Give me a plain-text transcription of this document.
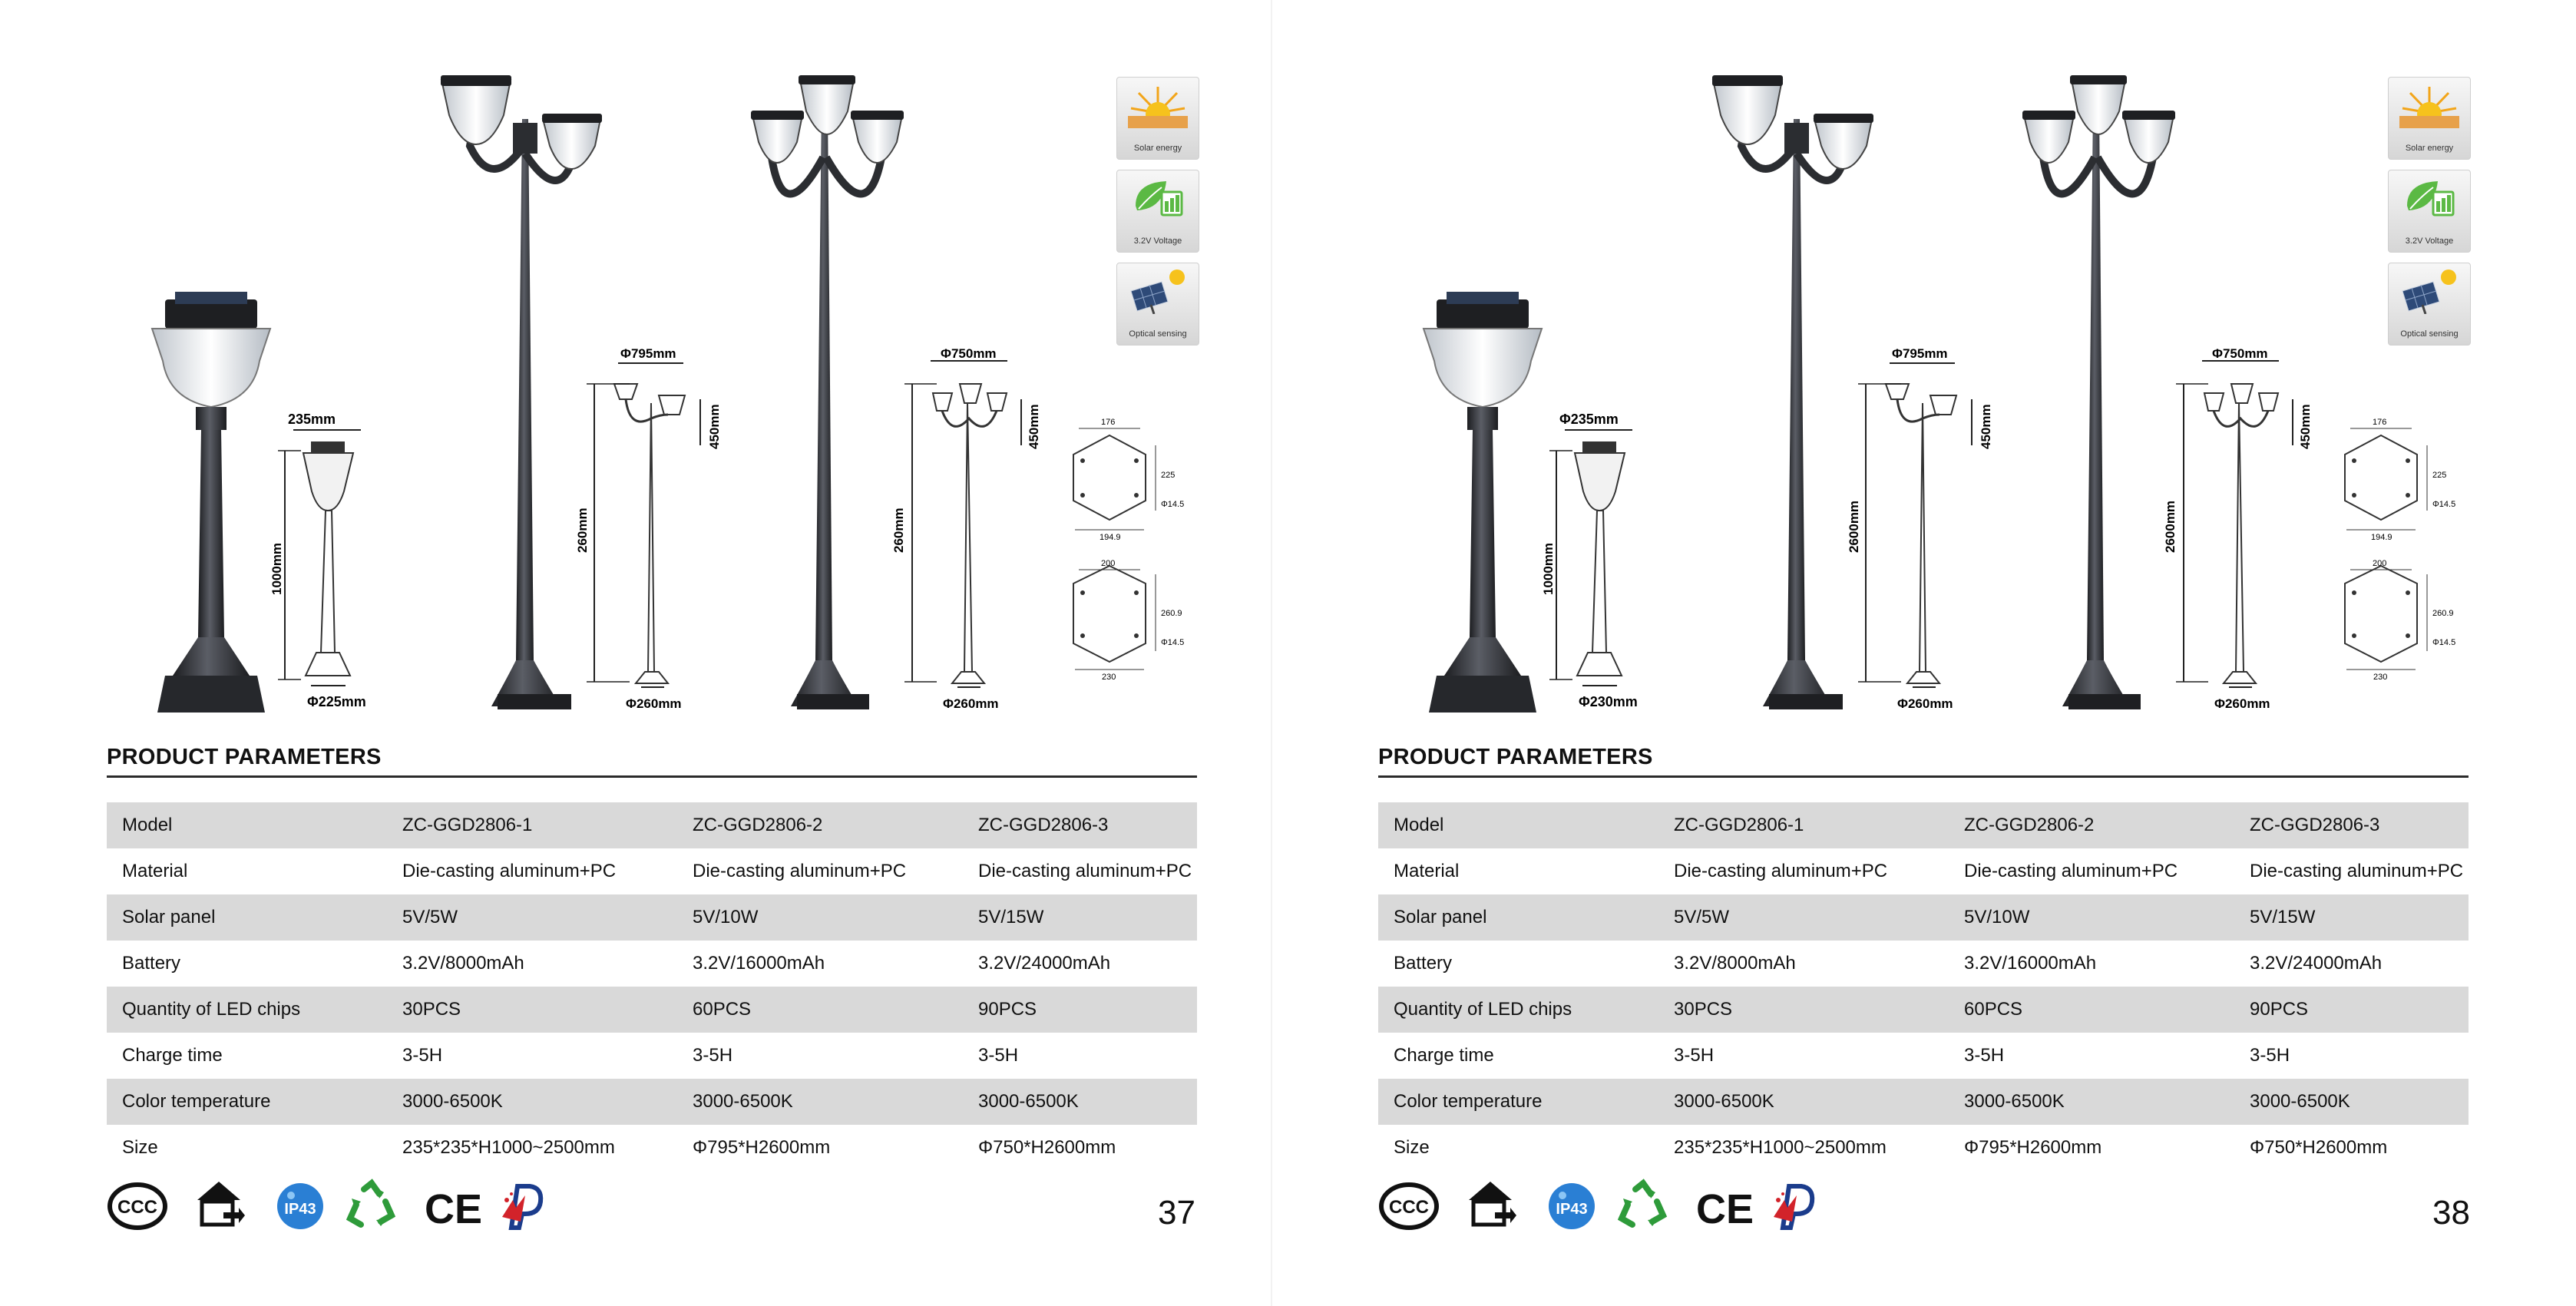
235mm
1000mm
Φ225mm
Φ795mm
260mm
450mm
Φ260mm
Φ750mm
260mm
450mm
Φ260mm
176
225
194.9
Φ14.5
200
260.9
230
Φ14.5
Solar energy
3.2V Voltage
Optical sensing
PRODUCT PARAMETERS
Model	ZC-GGD2806-1	ZC-GGD2806-2	ZC-GGD2806-3
Material	Die-casting aluminum+PC	Die-casting aluminum+PC	Die-casting aluminum+PC
Solar panel	5V/5W	5V/10W	5V/15W
Battery	3.2V/8000mAh	3.2V/16000mAh	3.2V/24000mAh
Quantity of LED chips	30PCS	60PCS	90PCS
Charge time	3-5H	3-5H	3-5H
Color temperature	3000-6500K	3000-6500K	3000-6500K
Size	235*235*H1000~2500mm	Φ795*H2600mm	Φ750*H2600mm
CCC	IP43	CE	37
Φ235mm
1000mm
Φ230mm
Φ795mm
2600mm
450mm
Φ260mm
Φ750mm
2600mm
450mm
Φ260mm
176
225
194.9
Φ14.5
200
260.9
230
Φ14.5
Solar energy
3.2V Voltage
Optical sensing
PRODUCT PARAMETERS
Model	ZC-GGD2806-1	ZC-GGD2806-2	ZC-GGD2806-3
Material	Die-casting aluminum+PC	Die-casting aluminum+PC	Die-casting aluminum+PC
Solar panel	5V/5W	5V/10W	5V/15W
Battery	3.2V/8000mAh	3.2V/16000mAh	3.2V/24000mAh
Quantity of LED chips	30PCS	60PCS	90PCS
Charge time	3-5H	3-5H	3-5H
Color temperature	3000-6500K	3000-6500K	3000-6500K
Size	235*235*H1000~2500mm	Φ795*H2600mm	Φ750*H2600mm
CCC	IP43	CE	38
